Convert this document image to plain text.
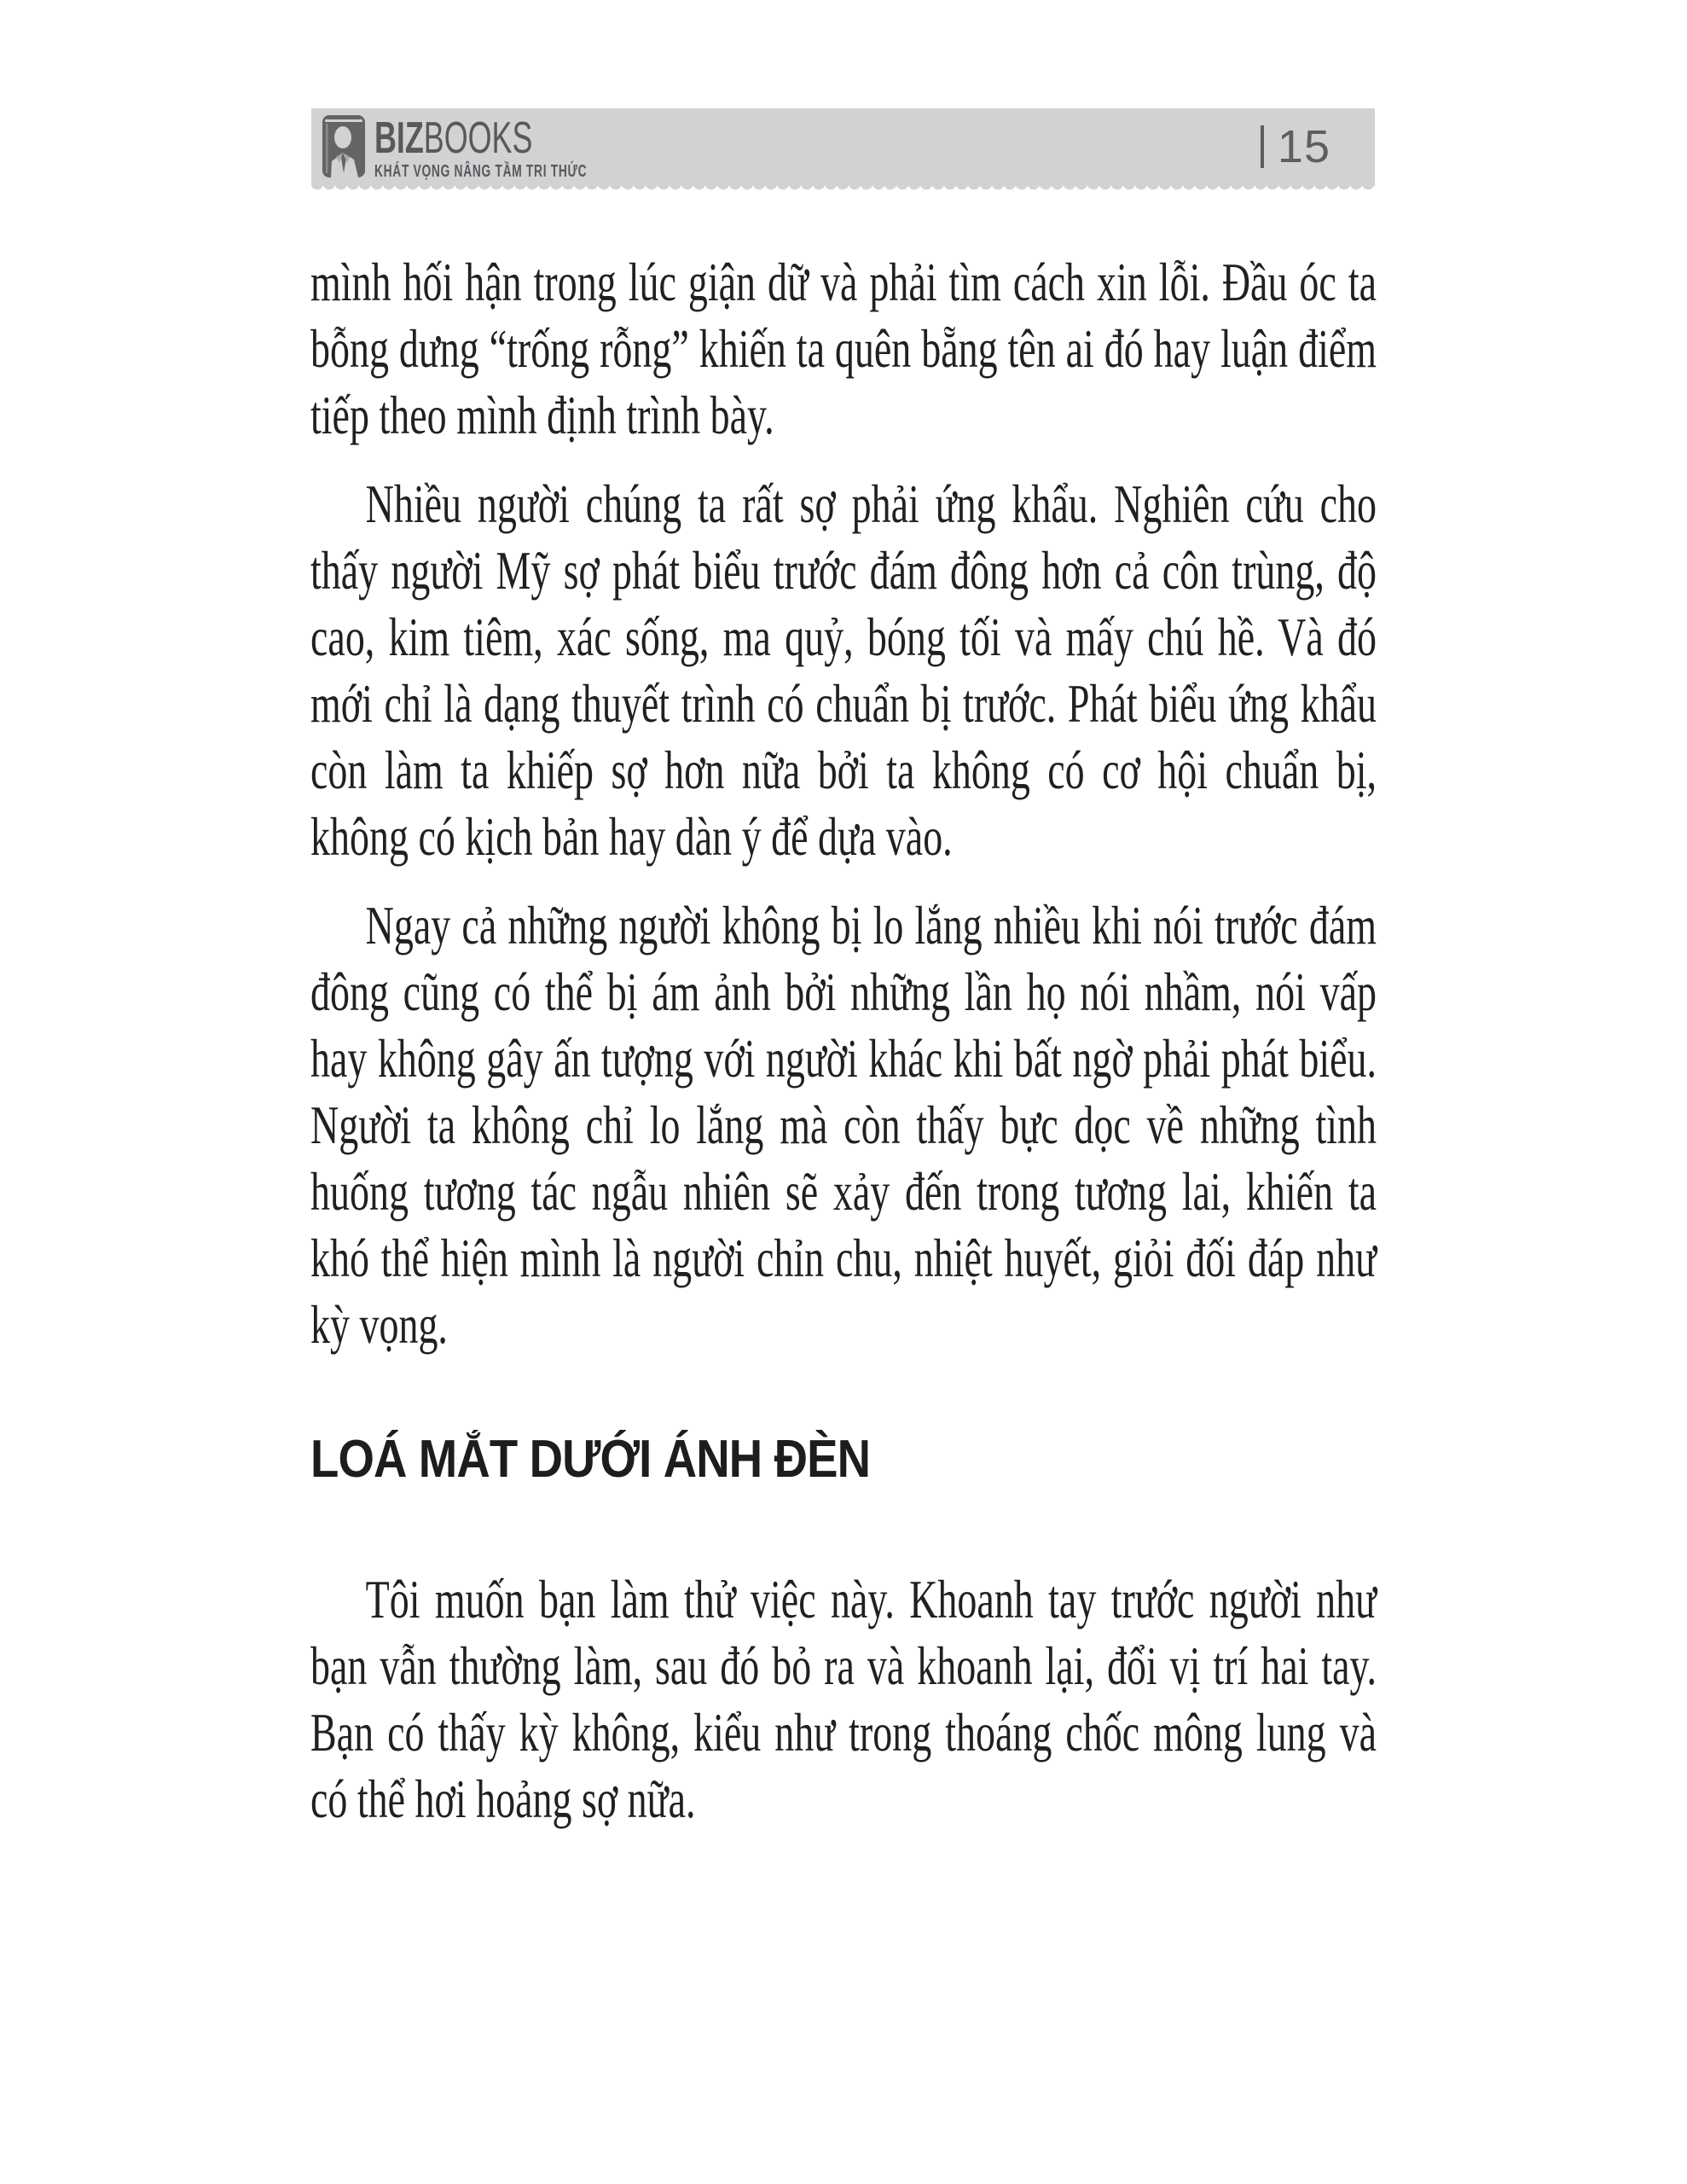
BIZBOOKS
KHÁT VỌNG NÂNG TẦM TRI THỨC	15

mình hối hận trong lúc giận dữ và phải tìm cách xin lỗi. Đầu óc ta bỗng dưng “trống rỗng” khiến ta quên bẵng tên ai đó hay luận điểm tiếp theo mình định trình bày.

Nhiều người chúng ta rất sợ phải ứng khẩu. Nghiên cứu cho thấy người Mỹ sợ phát biểu trước đám đông hơn cả côn trùng, độ cao, kim tiêm, xác sống, ma quỷ, bóng tối và mấy chú hề. Và đó mới chỉ là dạng thuyết trình có chuẩn bị trước. Phát biểu ứng khẩu còn làm ta khiếp sợ hơn nữa bởi ta không có cơ hội chuẩn bị, không có kịch bản hay dàn ý để dựa vào.

Ngay cả những người không bị lo lắng nhiều khi nói trước đám đông cũng có thể bị ám ảnh bởi những lần họ nói nhầm, nói vấp hay không gây ấn tượng với người khác khi bất ngờ phải phát biểu. Người ta không chỉ lo lắng mà còn thấy bực dọc về những tình huống tương tác ngẫu nhiên sẽ xảy đến trong tương lai, khiến ta khó thể hiện mình là người chỉn chu, nhiệt huyết, giỏi đối đáp như kỳ vọng.

LOÁ MẮT DƯỚI ÁNH ĐÈN

Tôi muốn bạn làm thử việc này. Khoanh tay trước người như bạn vẫn thường làm, sau đó bỏ ra và khoanh lại, đổi vị trí hai tay. Bạn có thấy kỳ không, kiểu như trong thoáng chốc mông lung và có thể hơi hoảng sợ nữa.
